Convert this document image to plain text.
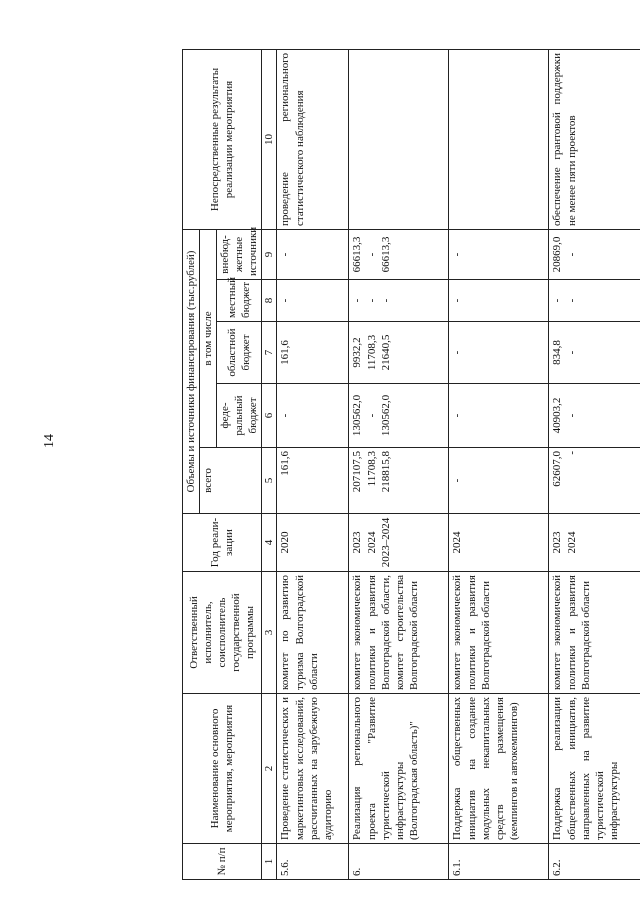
14
№ п/п	Наименование основного мероприятия, мероприятия	Ответственный исполнитель, соисполнитель государственной программы	Год реали-зации	Объемы и источники финансирования (тыс.рублей)					Непосредственные результаты реализации мероприятия
				всего	в том числе				
					феде-ральный бюджет	областной бюджет	местный бюджет	внебюд-жетные источники	
1	2	3	4	5	6	7	8	9	10
5.6.	Проведение статистических и маркетинговых исследований, рассчитанных на зарубежную аудиторию	комитет по развитию туризма Волгоградской области	2020	161,6	-	161,6	-	-	проведение регионального статистического наблюдения
6.	Реализация регионального проекта "Развитие туристической инфраструктуры (Волгоградская область)"	комитет экономической политики и развития Волгоградской области, комитет строительства Волгоградской области	2023 2024 2023–2024	207107,5 11708,3 218815,8	130562,0 - 130562,0	9932,2 11708,3 21640,5	- - -	66613,3 - 66613,3	

6.1.	Поддержка общественных инициатив на создание модульных некапитальных средств размещения (кемпингов и автокемпингов)	комитет экономической политики и развития Волгоградской области	2024	-	-	-	-	-	

6.2.	Поддержка реализации общественных инициатив, направленных на развитие туристической инфраструктуры	комитет экономической политики и развития Волгоградской области	2023 2024	62607,0 -	40903,2 -	834,8 -	- -	20869,0 -	обеспечение грантовой поддержки не менее пяти проектов
